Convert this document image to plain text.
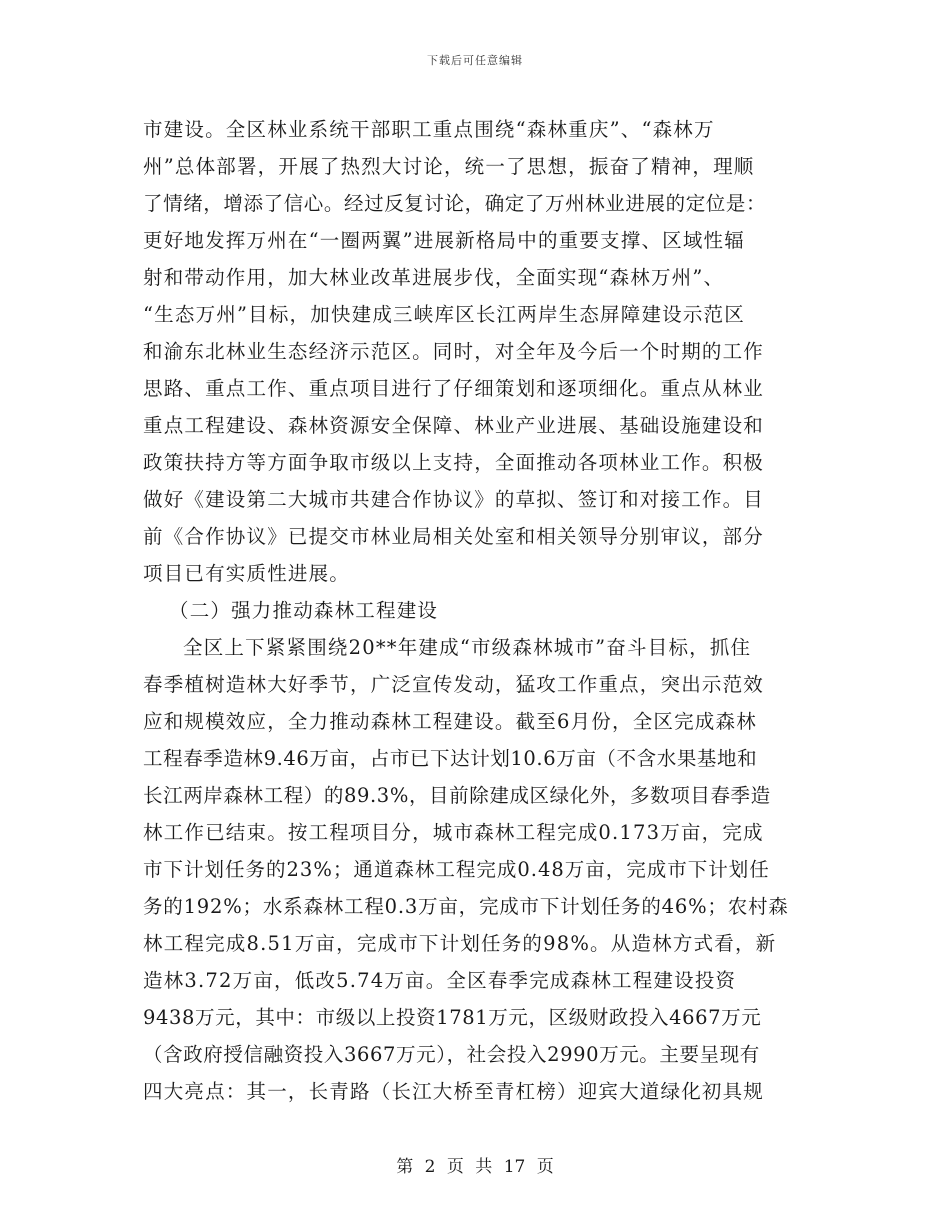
下载后可任意编辑
市建设。全区林业系统干部职工重点围绕“森林重庆”、“森林万
州”总体部署，开展了热烈大讨论，统一了思想，振奋了精神，理顺
了情绪，增添了信心。经过反复讨论，确定了万州林业进展的定位是：
更好地发挥万州在“一圈两翼”进展新格局中的重要支撑、区域性辐
射和带动作用，加大林业改革进展步伐，全面实现“森林万州”、
“生态万州”目标，加快建成三峡库区长江两岸生态屏障建设示范区
和渝东北林业生态经济示范区。同时，对全年及今后一个时期的工作
思路、重点工作、重点项目进行了仔细策划和逐项细化。重点从林业
重点工程建设、森林资源安全保障、林业产业进展、基础设施建设和
政策扶持方等方面争取市级以上支持，全面推动各项林业工作。积极
做好《建设第二大城市共建合作协议》的草拟、签订和对接工作。目
前《合作协议》已提交市林业局相关处室和相关领导分别审议，部分
项目已有实质性进展。
（二）强力推动森林工程建设
全区上下紧紧围绕20**年建成“市级森林城市”奋斗目标，抓住
春季植树造林大好季节，广泛宣传发动，猛攻工作重点，突出示范效
应和规模效应，全力推动森林工程建设。截至6月份，全区完成森林
工程春季造林9.46万亩，占市已下达计划10.6万亩（不含水果基地和
长江两岸森林工程）的89.3%，目前除建成区绿化外，多数项目春季造
林工作已结束。按工程项目分，城市森林工程完成0.173万亩，完成
市下计划任务的23%；通道森林工程完成0.48万亩，完成市下计划任
务的192%；水系森林工程0.3万亩，完成市下计划任务的46%；农村森
林工程完成8.51万亩，完成市下计划任务的98%。从造林方式看，新
造林3.72万亩，低改5.74万亩。全区春季完成森林工程建设投资
9438万元，其中：市级以上投资1781万元，区级财政投入4667万元
（含政府授信融资投入3667万元），社会投入2990万元。主要呈现有
四大亮点：其一，长青路（长江大桥至青杠榜）迎宾大道绿化初具规
第 2 页 共 17 页
